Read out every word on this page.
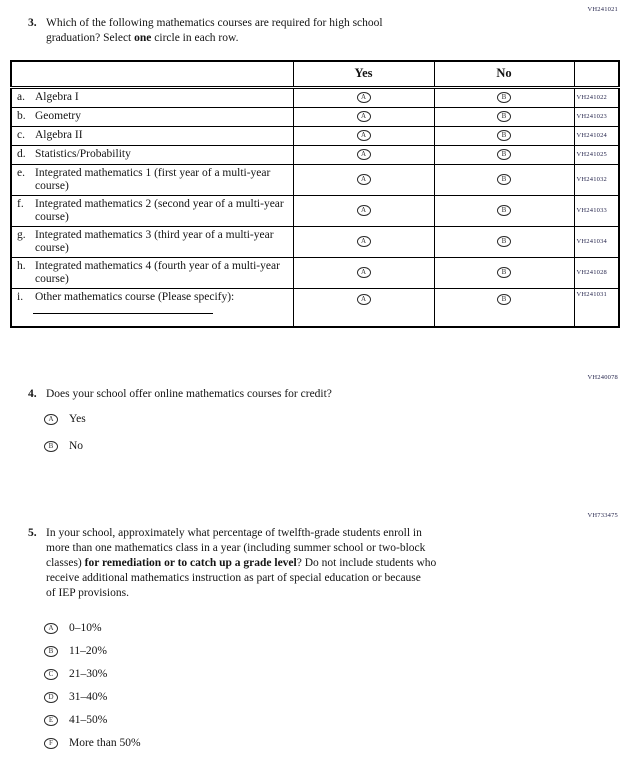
VH241021
3. Which of the following mathematics courses are required for high school
graduation? Select one circle in each row.
	Yes	No	

a. Algebra I	A	B	VH241022

b. Geometry	A	B	VH241023

c. Algebra II	A	B	VH241024

d. Statistics/Probability	A	B	VH241025

e. Integrated mathematics 1 (first year of a multi-year course)	A	B	VH241032

f. Integrated mathematics 2 (second year of a multi-year course)	A	B	VH241033

g. Integrated mathematics 3 (third year of a multi-year course)	A	B	VH241034

h. Integrated mathematics 4 (fourth year of a multi-year course)	A	B	VH241028

i. Other mathematics course (Please specify):	A	B	VH241031
VH240078
4. Does your school offer online mathematics courses for credit?
A	Yes
B	No
VH733475
5. In your school, approximately what percentage of twelfth-grade students enroll in
more than one mathematics class in a year (including summer school or two-block
classes) for remediation or to catch up a grade level? Do not include students who
receive additional mathematics instruction as part of special education or because
of IEP provisions.
A	0–10%
B	11–20%
C	21–30%
D	31–40%
E	41–50%
F	More than 50%
